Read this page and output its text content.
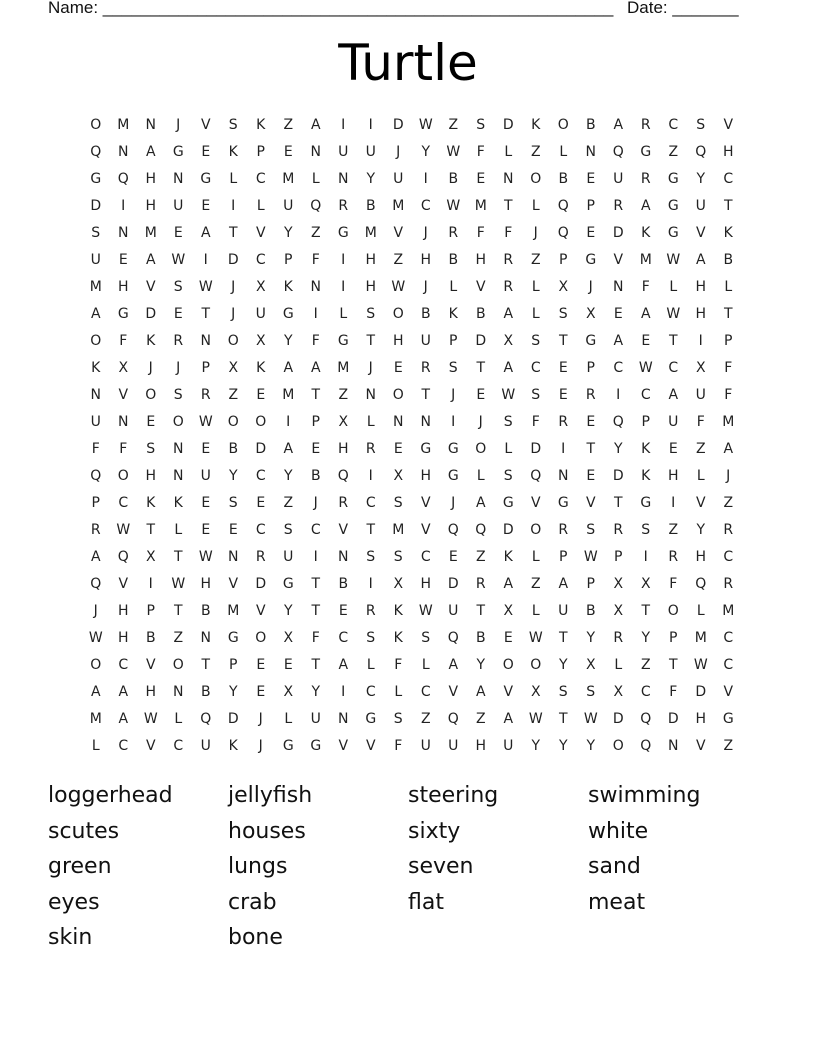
Name: ______________________________________________________ Date: _______
Turtle
O	M	N	J	V	S	K	Z	A	I	I	D	W	Z	S	D	K	O	B	A	R	C	S	V
Q	N	A	G	E	K	P	E	N	U	U	J	Y	W	F	L	Z	L	N	Q	G	Z	Q	H
G	Q	H	N	G	L	C	M	L	N	Y	U	I	B	E	N	O	B	E	U	R	G	Y	C
D	I	H	U	E	I	L	U	Q	R	B	M	C	W	M	T	L	Q	P	R	A	G	U	T
S	N	M	E	A	T	V	Y	Z	G	M	V	J	R	F	F	J	Q	E	D	K	G	V	K
U	E	A	W	I	D	C	P	F	I	H	Z	H	B	H	R	Z	P	G	V	M	W	A	B
M	H	V	S	W	J	X	K	N	I	H	W	J	L	V	R	L	X	J	N	F	L	H	L
A	G	D	E	T	J	U	G	I	L	S	O	B	K	B	A	L	S	X	E	A	W	H	T
O	F	K	R	N	O	X	Y	F	G	T	H	U	P	D	X	S	T	G	A	E	T	I	P
K	X	J	J	P	X	K	A	A	M	J	E	R	S	T	A	C	E	P	C	W	C	X	F
N	V	O	S	R	Z	E	M	T	Z	N	O	T	J	E	W	S	E	R	I	C	A	U	F
U	N	E	O	W	O	O	I	P	X	L	N	N	I	J	S	F	R	E	Q	P	U	F	M
F	F	S	N	E	B	D	A	E	H	R	E	G	G	O	L	D	I	T	Y	K	E	Z	A
Q	O	H	N	U	Y	C	Y	B	Q	I	X	H	G	L	S	Q	N	E	D	K	H	L	J
P	C	K	K	E	S	E	Z	J	R	C	S	V	J	A	G	V	G	V	T	G	I	V	Z
R	W	T	L	E	E	C	S	C	V	T	M	V	Q	Q	D	O	R	S	R	S	Z	Y	R
A	Q	X	T	W	N	R	U	I	N	S	S	C	E	Z	K	L	P	W	P	I	R	H	C
Q	V	I	W	H	V	D	G	T	B	I	X	H	D	R	A	Z	A	P	X	X	F	Q	R
J	H	P	T	B	M	V	Y	T	E	R	K	W	U	T	X	L	U	B	X	T	O	L	M
W	H	B	Z	N	G	O	X	F	C	S	K	S	Q	B	E	W	T	Y	R	Y	P	M	C
O	C	V	O	T	P	E	E	T	A	L	F	L	A	Y	O	O	Y	X	L	Z	T	W	C
A	A	H	N	B	Y	E	X	Y	I	C	L	C	V	A	V	X	S	S	X	C	F	D	V
M	A	W	L	Q	D	J	L	U	N	G	S	Z	Q	Z	A	W	T	W	D	Q	D	H	G
L	C	V	C	U	K	J	G	G	V	V	F	U	U	H	U	Y	Y	Y	O	Q	N	V	Z
loggerhead	jellyfish	steering	swimming
scutes	houses	sixty	white
green	lungs	seven	sand
eyes	crab	flat	meat
skin	bone
